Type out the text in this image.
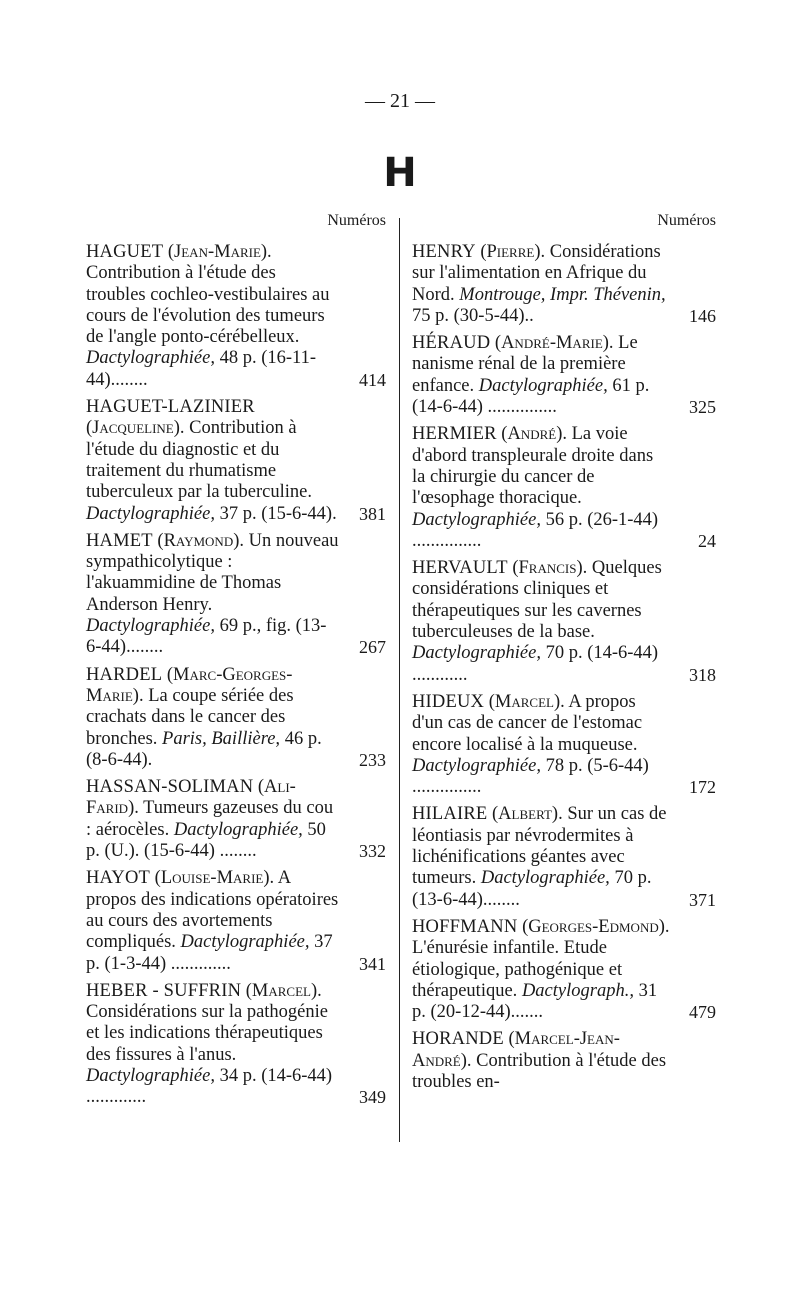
— 21 —
H
Numéros
HAGUET (Jean-Marie). Contribution à l'étude des troubles cochleo-vestibulaires au cours de l'évolution des tumeurs de l'angle ponto-cérébelleux. Dactylographiée, 48 p. (16-11-44)........	414
HAGUET-LAZINIER (Jacqueline). Contribution à l'étude du diagnostic et du traitement du rhumatisme tuberculeux par la tuberculine. Dactylographiée, 37 p. (15-6-44). 381
HAMET (Raymond). Un nouveau sympathicolytique : l'akuammidine de Thomas Anderson Henry. Dactylographiée, 69 p., fig. (13-6-44)........	267
HARDEL (Marc-Georges-Marie). La coupe sériée des crachats dans le cancer des bronches. Paris, Baillière, 46 p. (8-6-44).	233
HASSAN-SOLIMAN (Ali-Farid). Tumeurs gazeuses du cou : aérocèles. Dactylographiée, 50 p. (U.). (15-6-44) ........	332
HAYOT (Louise-Marie). A propos des indications opératoires au cours des avortements compliqués. Dactylographiée, 37 p. (1-3-44) .............	341
HEBER - SUFFRIN (Marcel). Considérations sur la pathogénie et les indications thérapeutiques des fissures à l'anus. Dactylographiée, 34 p. (14-6-44) .............	349
Numéros
HENRY (Pierre). Considérations sur l'alimentation en Afrique du Nord. Montrouge, Impr. Thévenin, 75 p. (30-5-44)..	146
HÉRAUD (André-Marie). Le nanisme rénal de la première enfance. Dactylographiée, 61 p. (14-6-44) ...............	325
HERMIER (André). La voie d'abord transpleurale droite dans la chirurgie du cancer de l'œsophage thoracique. Dactylographiée, 56 p. (26-1-44) ...............	24
HERVAULT (Francis). Quelques considérations cliniques et thérapeutiques sur les cavernes tuberculeuses de la base. Dactylographiée, 70 p. (14-6-44) ............	318
HIDEUX (Marcel). A propos d'un cas de cancer de l'estomac encore localisé à la muqueuse. Dactylographiée, 78 p. (5-6-44) ...............	172
HILAIRE (Albert). Sur un cas de léontiasis par névrodermites à lichénifications géantes avec tumeurs. Dactylographiée, 70 p. (13-6-44)........	371
HOFFMANN (Georges-Edmond). L'énurésie infantile. Etude étiologique, pathogénique et thérapeutique. Dactylograph., 31 p. (20-12-44).......	479
HORANDE (Marcel-Jean-André). Contribution à l'étude des troubles en-
